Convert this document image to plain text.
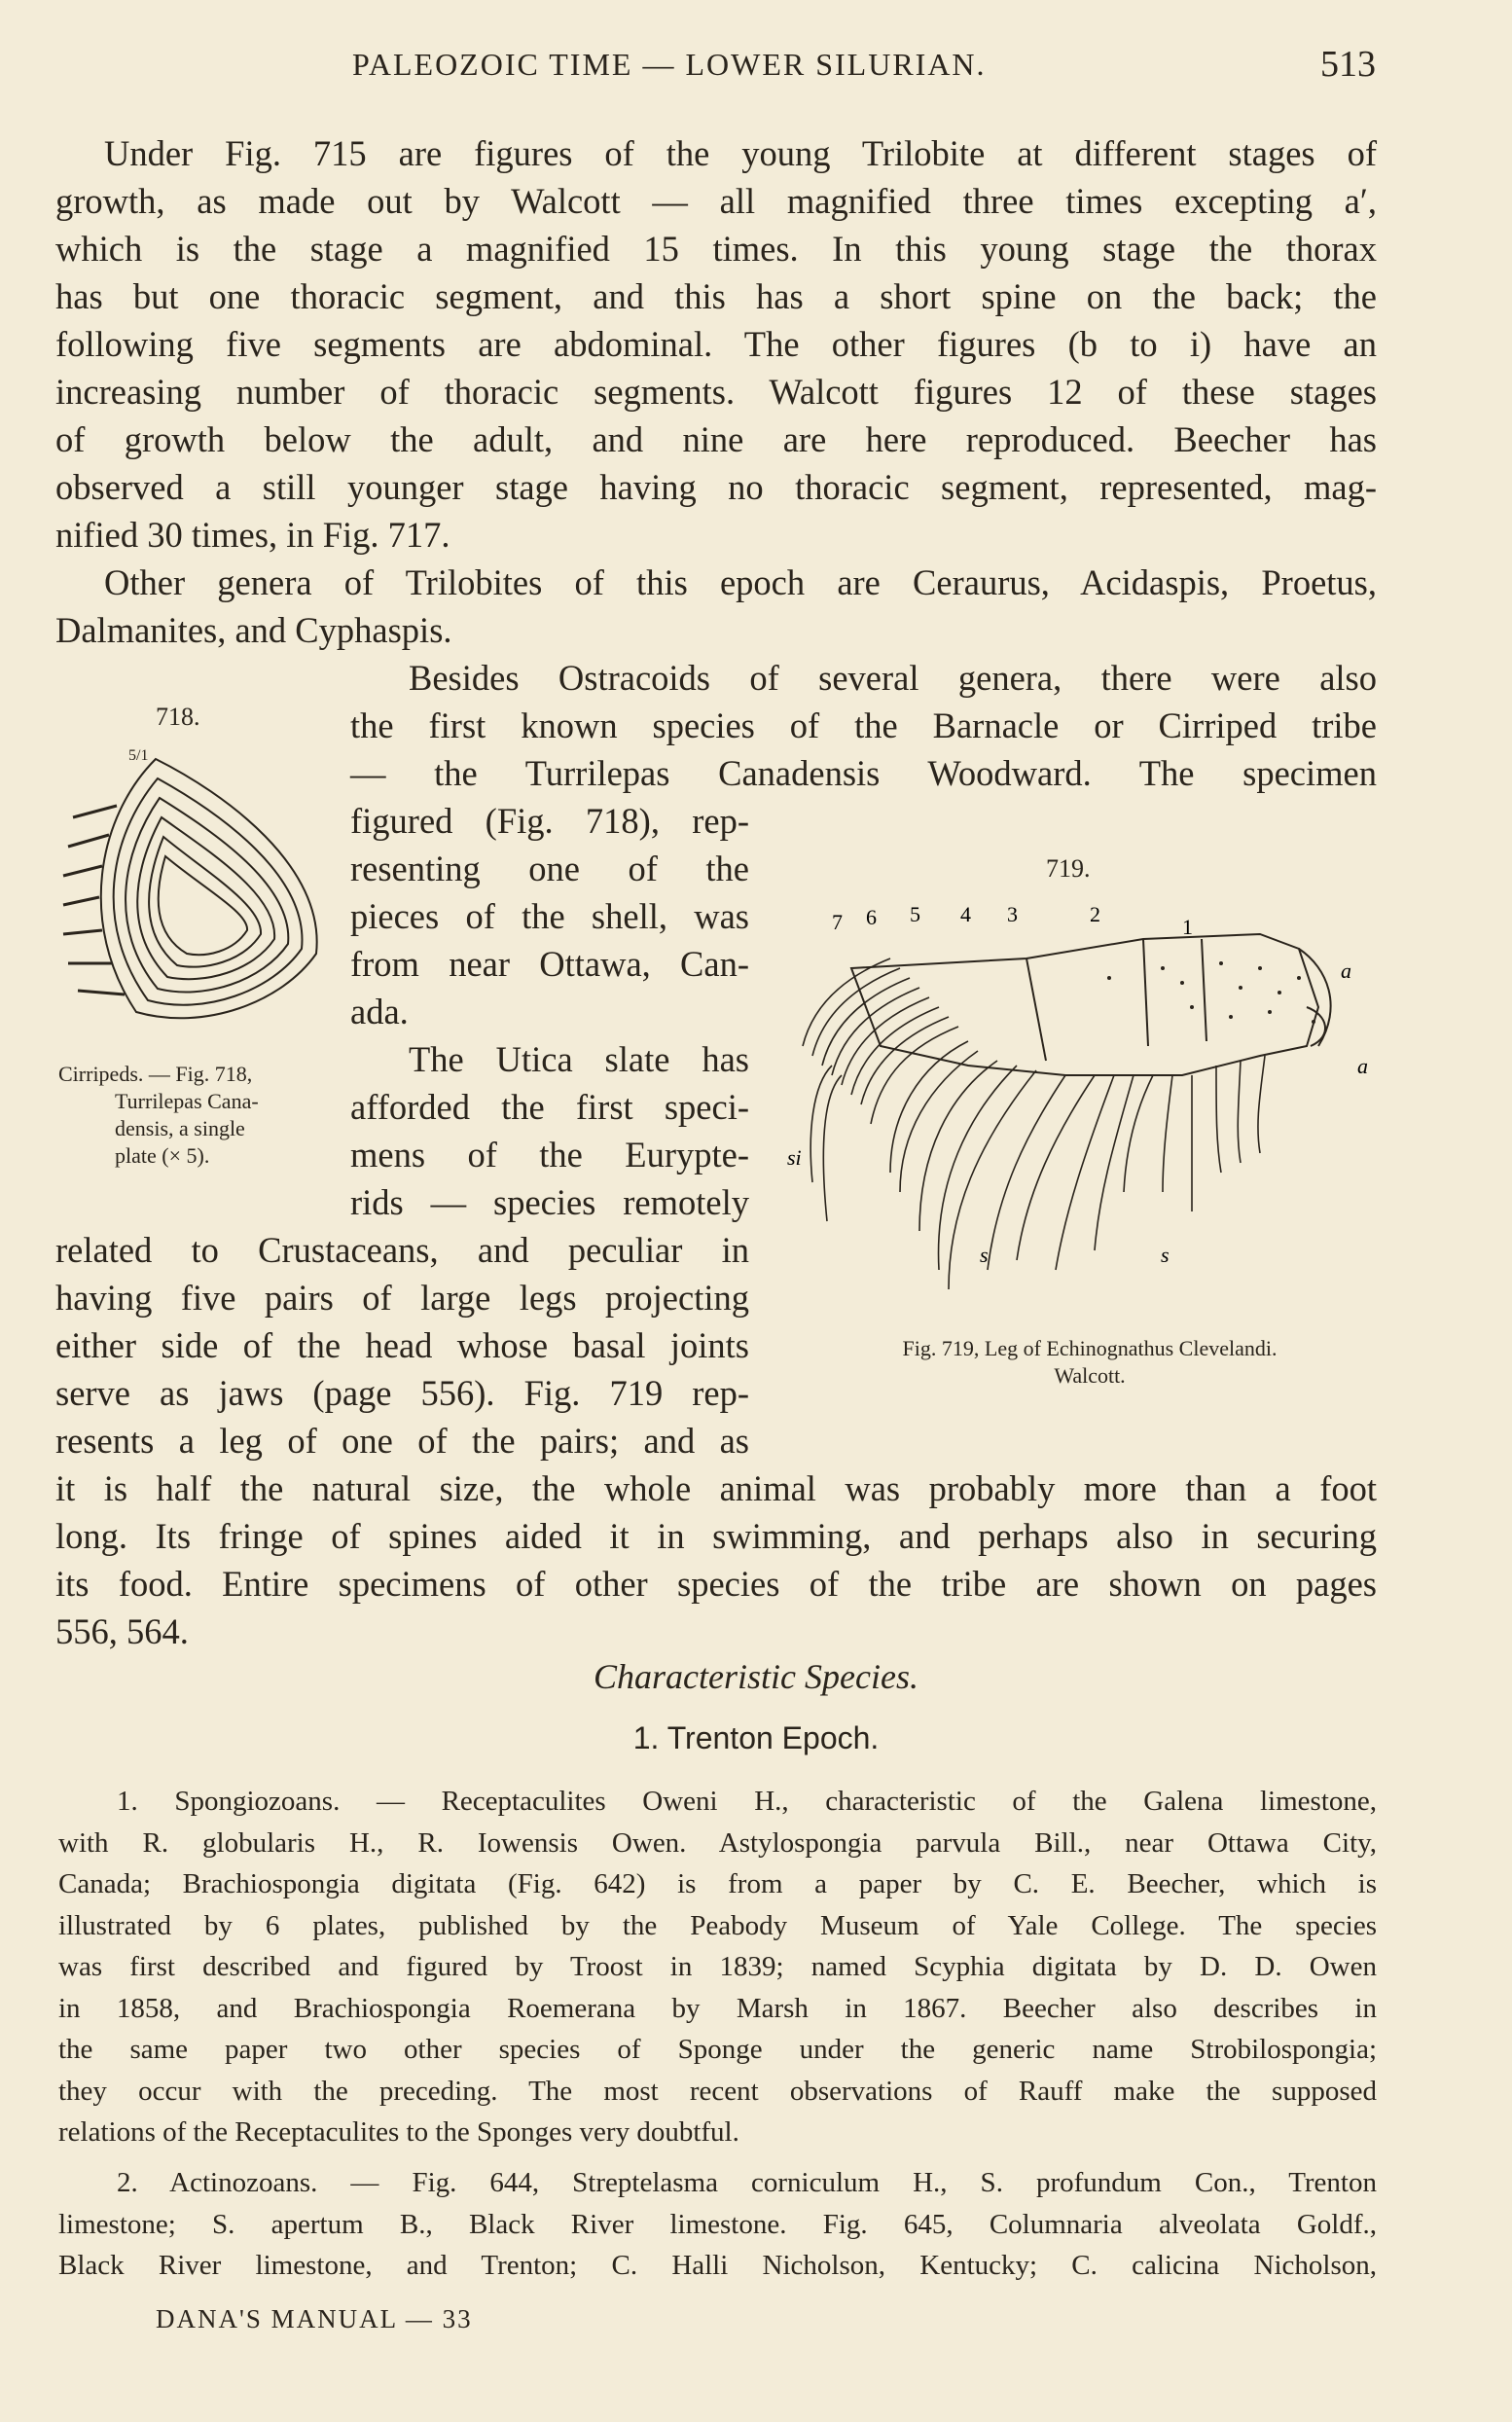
PALEOZOIC TIME — LOWER SILURIAN.	513
Under Fig. 715 are figures of the young Trilobite at different stages of
growth, as made out by Walcott — all magnified three times excepting a′,
which is the stage a magnified 15 times. In this young stage the thorax
has but one thoracic segment, and this has a short spine on the back; the
following five segments are abdominal. The other figures (b to i) have an
increasing number of thoracic segments. Walcott figures 12 of these stages
of growth below the adult, and nine are here reproduced. Beecher has
observed a still younger stage having no thoracic segment, represented, mag-
nified 30 times, in Fig. 717.
Other genera of Trilobites of this epoch are Ceraurus, Acidaspis, Proetus,
Dalmanites, and Cyphaspis.
Besides Ostracoids of several genera, there were also
the first known species of the Barnacle or Cirriped tribe
— the Turrilepas Canadensis Woodward. The specimen
figured (Fig. 718), rep-
resenting one of the
pieces of the shell, was
from near Ottawa, Can-
ada.
The Utica slate has
afforded the first speci-
mens of the Eurypte-
rids — species remotely
related to Crustaceans, and peculiar in
having five pairs of large legs projecting
either side of the head whose basal joints
serve as jaws (page 556). Fig. 719 rep-
resents a leg of one of the pairs; and as
it is half the natural size, the whole animal was probably more than a foot
long. Its fringe of spines aided it in swimming, and perhaps also in securing
its food. Entire specimens of other species of the tribe are shown on pages
556, 564.
718.
5/1
Cirripeds. — Fig. 718,
Turrilepas Cana-
densis, a single
plate (× 5).
719.
7 6 5 4 3	2
1
a
a
si
s	s
Fig. 719, Leg of Echinognathus Clevelandi.
Walcott.
Characteristic Species.
1. Trenton Epoch.
1. Spongiozoans. — Receptaculites Oweni H., characteristic of the Galena limestone,
with R. globularis H., R. Iowensis Owen. Astylospongia parvula Bill., near Ottawa City,
Canada; Brachiospongia digitata (Fig. 642) is from a paper by C. E. Beecher, which is
illustrated by 6 plates, published by the Peabody Museum of Yale College. The species
was first described and figured by Troost in 1839; named Scyphia digitata by D. D. Owen
in 1858, and Brachiospongia Roemerana by Marsh in 1867. Beecher also describes in
the same paper two other species of Sponge under the generic name Strobilospongia;
they occur with the preceding. The most recent observations of Rauff make the supposed
relations of the Receptaculites to the Sponges very doubtful.
2. Actinozoans. — Fig. 644, Streptelasma corniculum H., S. profundum Con., Trenton
limestone; S. apertum B., Black River limestone. Fig. 645, Columnaria alveolata Goldf.,
Black River limestone, and Trenton; C. Halli Nicholson, Kentucky; C. calicina Nicholson,
DANA'S MANUAL — 33
